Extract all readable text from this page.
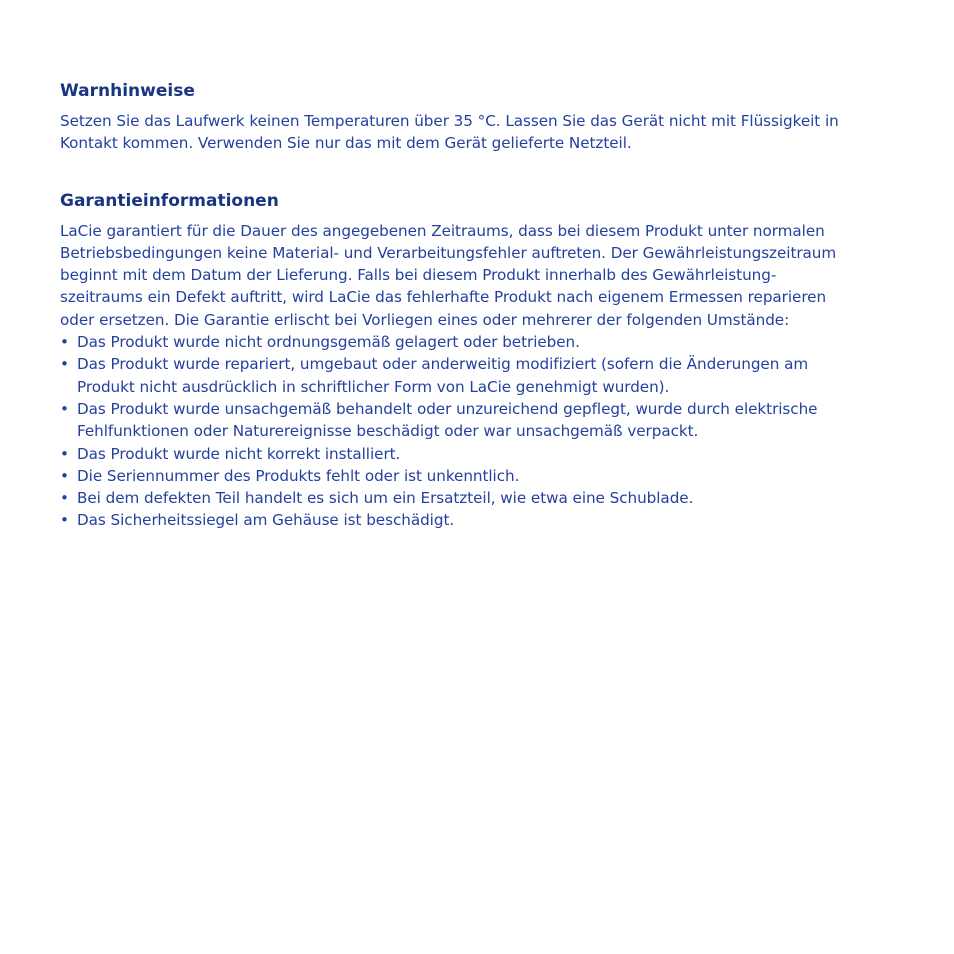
Warnhinweise

Setzen Sie das Laufwerk keinen Temperaturen über 35 °C. Lassen Sie das Gerät nicht mit Flüssigkeit in
Kontakt kommen. Verwenden Sie nur das mit dem Gerät gelieferte Netzteil.

Garantieinformationen

LaCie garantiert für die Dauer des angegebenen Zeitraums, dass bei diesem Produkt unter normalen
Betriebsbedingungen keine Material- und Verarbeitungsfehler auftreten. Der Gewährleistungszeitraum
beginnt mit dem Datum der Lieferung. Falls bei diesem Produkt innerhalb des Gewährleistung-
szeitraums ein Defekt auftritt, wird LaCie das fehlerhafte Produkt nach eigenem Ermessen reparieren
oder ersetzen. Die Garantie erlischt bei Vorliegen eines oder mehrerer der folgenden Umstände:

• Das Produkt wurde nicht ordnungsgemäß gelagert oder betrieben.
• Das Produkt wurde repariert, umgebaut oder anderweitig modifiziert (sofern die Änderungen am
Produkt nicht ausdrücklich in schriftlicher Form von LaCie genehmigt wurden).
• Das Produkt wurde unsachgemäß behandelt oder unzureichend gepflegt, wurde durch elektrische
Fehlfunktionen oder Naturereignisse beschädigt oder war unsachgemäß verpackt.
• Das Produkt wurde nicht korrekt installiert.
• Die Seriennummer des Produkts fehlt oder ist unkenntlich.
• Bei dem defekten Teil handelt es sich um ein Ersatzteil, wie etwa eine Schublade.
• Das Sicherheitssiegel am Gehäuse ist beschädigt.
